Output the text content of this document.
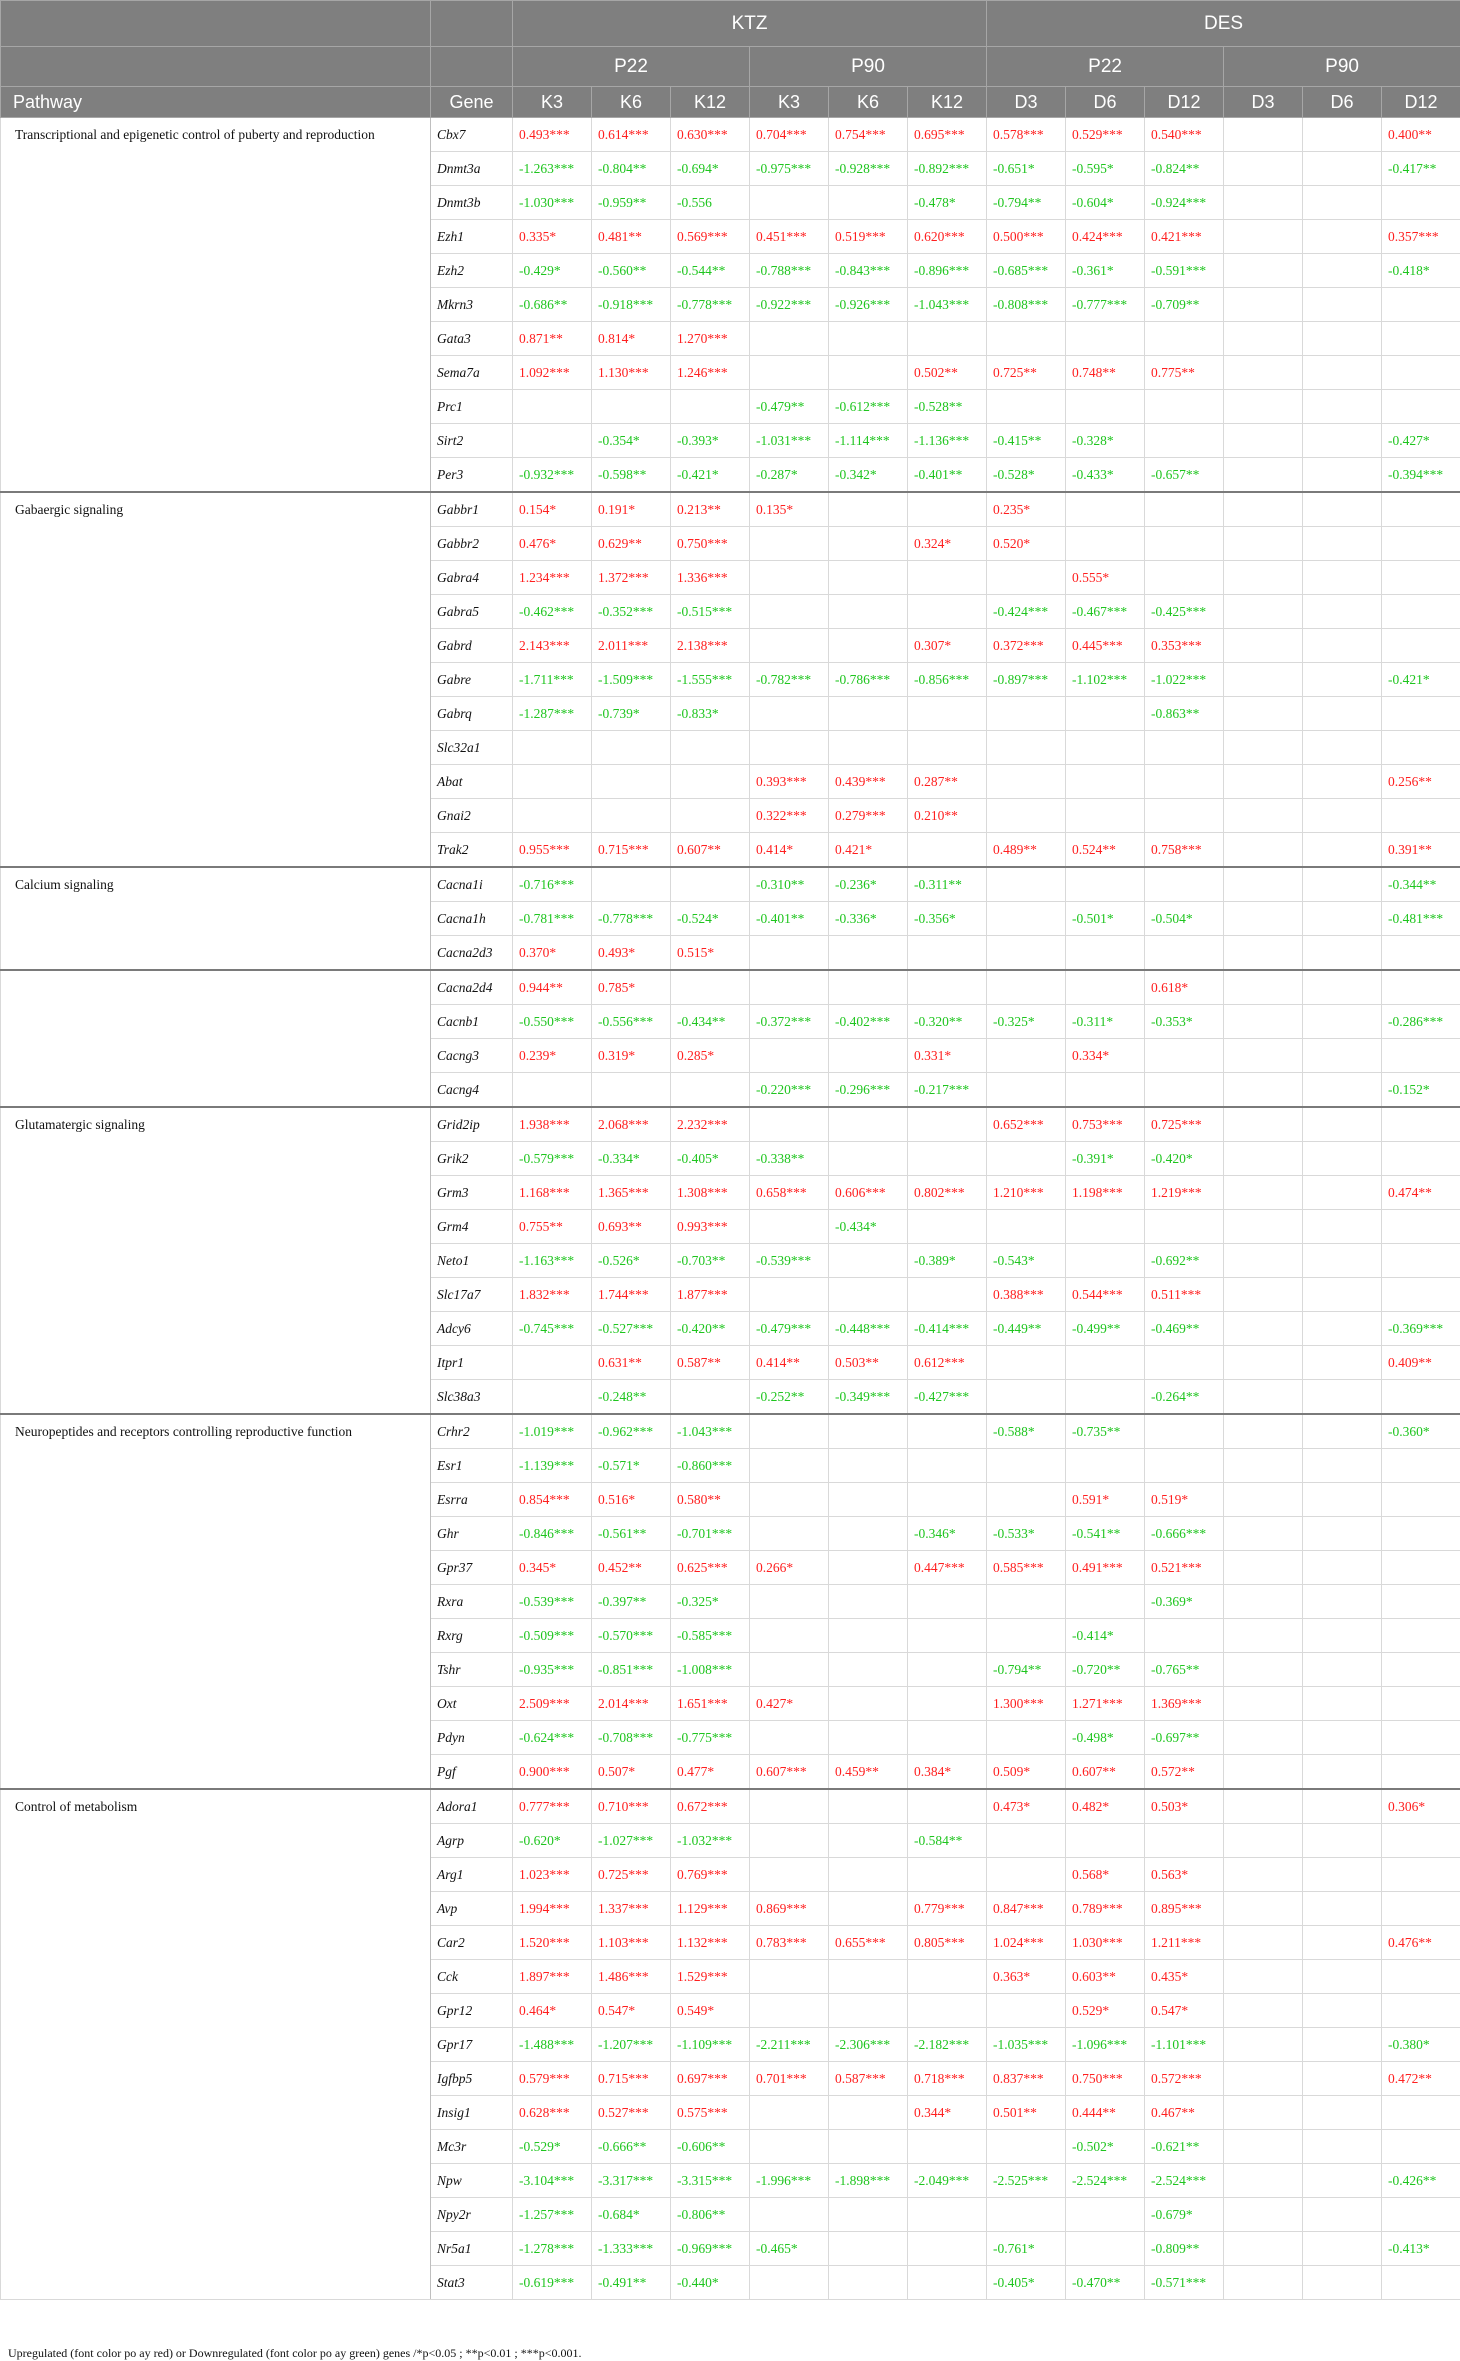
		KTZ						DES					
		P22			P90			P22			P90		
Pathway	Gene	K3	K6	K12	K3	K6	K12	D3	D6	D12	D3	D6	D12
Transcriptional and epigenetic control of puberty and reproduction	Cbx7	0.493***	0.614***	0.630***	0.704***	0.754***	0.695***	0.578***	0.529***	0.540***			0.400**
	Dnmt3a	-1.263***	-0.804**	-0.694*	-0.975***	-0.928***	-0.892***	-0.651*	-0.595*	-0.824**			-0.417**
	Dnmt3b	-1.030***	-0.959**	-0.556			-0.478*	-0.794**	-0.604*	-0.924***			
	Ezh1	0.335*	0.481**	0.569***	0.451***	0.519***	0.620***	0.500***	0.424***	0.421***			0.357***
	Ezh2	-0.429*	-0.560**	-0.544**	-0.788***	-0.843***	-0.896***	-0.685***	-0.361*	-0.591***			-0.418*
	Mkrn3	-0.686**	-0.918***	-0.778***	-0.922***	-0.926***	-1.043***	-0.808***	-0.777***	-0.709**			
	Gata3	0.871**	0.814*	1.270***									
	Sema7a	1.092***	1.130***	1.246***			0.502**	0.725**	0.748**	0.775**			
	Prc1				-0.479**	-0.612***	-0.528**						
	Sirt2		-0.354*	-0.393*	-1.031***	-1.114***	-1.136***	-0.415**	-0.328*				-0.427*
	Per3	-0.932***	-0.598**	-0.421*	-0.287*	-0.342*	-0.401**	-0.528*	-0.433*	-0.657**			-0.394***
Gabaergic signaling	Gabbr1	0.154*	0.191*	0.213**	0.135*			0.235*					
	Gabbr2	0.476*	0.629**	0.750***			0.324*	0.520*					
	Gabra4	1.234***	1.372***	1.336***					0.555*				
	Gabra5	-0.462***	-0.352***	-0.515***				-0.424***	-0.467***	-0.425***			
	Gabrd	2.143***	2.011***	2.138***			0.307*	0.372***	0.445***	0.353***			
	Gabre	-1.711***	-1.509***	-1.555***	-0.782***	-0.786***	-0.856***	-0.897***	-1.102***	-1.022***			-0.421*
	Gabrq	-1.287***	-0.739*	-0.833*						-0.863**			
	Slc32a1												
	Abat				0.393***	0.439***	0.287**						0.256**
	Gnai2				0.322***	0.279***	0.210**						
	Trak2	0.955***	0.715***	0.607**	0.414*	0.421*		0.489**	0.524**	0.758***			0.391**
Calcium signaling	Cacna1i	-0.716***			-0.310**	-0.236*	-0.311**						-0.344**
	Cacna1h	-0.781***	-0.778***	-0.524*	-0.401**	-0.336*	-0.356*		-0.501*	-0.504*			-0.481***
	Cacna2d3	0.370*	0.493*	0.515*									
	Cacna2d4	0.944**	0.785*							0.618*			
	Cacnb1	-0.550***	-0.556***	-0.434**	-0.372***	-0.402***	-0.320**	-0.325*	-0.311*	-0.353*			-0.286***
	Cacng3	0.239*	0.319*	0.285*			0.331*		0.334*				
	Cacng4				-0.220***	-0.296***	-0.217***						-0.152*
Glutamatergic signaling	Grid2ip	1.938***	2.068***	2.232***				0.652***	0.753***	0.725***			
	Grik2	-0.579***	-0.334*	-0.405*	-0.338**				-0.391*	-0.420*			
	Grm3	1.168***	1.365***	1.308***	0.658***	0.606***	0.802***	1.210***	1.198***	1.219***			0.474**
	Grm4	0.755**	0.693**	0.993***		-0.434*							
	Neto1	-1.163***	-0.526*	-0.703**	-0.539***		-0.389*	-0.543*		-0.692**			
	Slc17a7	1.832***	1.744***	1.877***				0.388***	0.544***	0.511***			
	Adcy6	-0.745***	-0.527***	-0.420**	-0.479***	-0.448***	-0.414***	-0.449**	-0.499**	-0.469**			-0.369***
	Itpr1		0.631**	0.587**	0.414**	0.503**	0.612***						0.409**
	Slc38a3		-0.248**		-0.252**	-0.349***	-0.427***			-0.264**			
Neuropeptides and receptors controlling reproductive function	Crhr2	-1.019***	-0.962***	-1.043***				-0.588*	-0.735**				-0.360*
	Esr1	-1.139***	-0.571*	-0.860***									
	Esrra	0.854***	0.516*	0.580**					0.591*	0.519*			
	Ghr	-0.846***	-0.561**	-0.701***			-0.346*	-0.533*	-0.541**	-0.666***			
	Gpr37	0.345*	0.452**	0.625***	0.266*		0.447***	0.585***	0.491***	0.521***			
	Rxra	-0.539***	-0.397**	-0.325*						-0.369*			
	Rxrg	-0.509***	-0.570***	-0.585***					-0.414*				
	Tshr	-0.935***	-0.851***	-1.008***				-0.794**	-0.720**	-0.765**			
	Oxt	2.509***	2.014***	1.651***	0.427*			1.300***	1.271***	1.369***			
	Pdyn	-0.624***	-0.708***	-0.775***					-0.498*	-0.697**			
	Pgf	0.900***	0.507*	0.477*	0.607***	0.459**	0.384*	0.509*	0.607**	0.572**			
Control of metabolism	Adora1	0.777***	0.710***	0.672***				0.473*	0.482*	0.503*			0.306*
	Agrp	-0.620*	-1.027***	-1.032***			-0.584**						
	Arg1	1.023***	0.725***	0.769***					0.568*	0.563*			
	Avp	1.994***	1.337***	1.129***	0.869***		0.779***	0.847***	0.789***	0.895***			
	Car2	1.520***	1.103***	1.132***	0.783***	0.655***	0.805***	1.024***	1.030***	1.211***			0.476**
	Cck	1.897***	1.486***	1.529***				0.363*	0.603**	0.435*			
	Gpr12	0.464*	0.547*	0.549*					0.529*	0.547*			
	Gpr17	-1.488***	-1.207***	-1.109***	-2.211***	-2.306***	-2.182***	-1.035***	-1.096***	-1.101***			-0.380*
	Igfbp5	0.579***	0.715***	0.697***	0.701***	0.587***	0.718***	0.837***	0.750***	0.572***			0.472**
	Insig1	0.628***	0.527***	0.575***			0.344*	0.501**	0.444**	0.467**			
	Mc3r	-0.529*	-0.666**	-0.606**					-0.502*	-0.621**			
	Npw	-3.104***	-3.317***	-3.315***	-1.996***	-1.898***	-2.049***	-2.525***	-2.524***	-2.524***			-0.426**
	Npy2r	-1.257***	-0.684*	-0.806**						-0.679*			
	Nr5a1	-1.278***	-1.333***	-0.969***	-0.465*			-0.761*		-0.809**			-0.413*
	Stat3	-0.619***	-0.491**	-0.440*				-0.405*	-0.470**	-0.571***			
Upregulated (font color po ay red) or Downregulated (font color po ay green) genes /*p<0.05 ; **p<0.01 ; ***p<0.001.
